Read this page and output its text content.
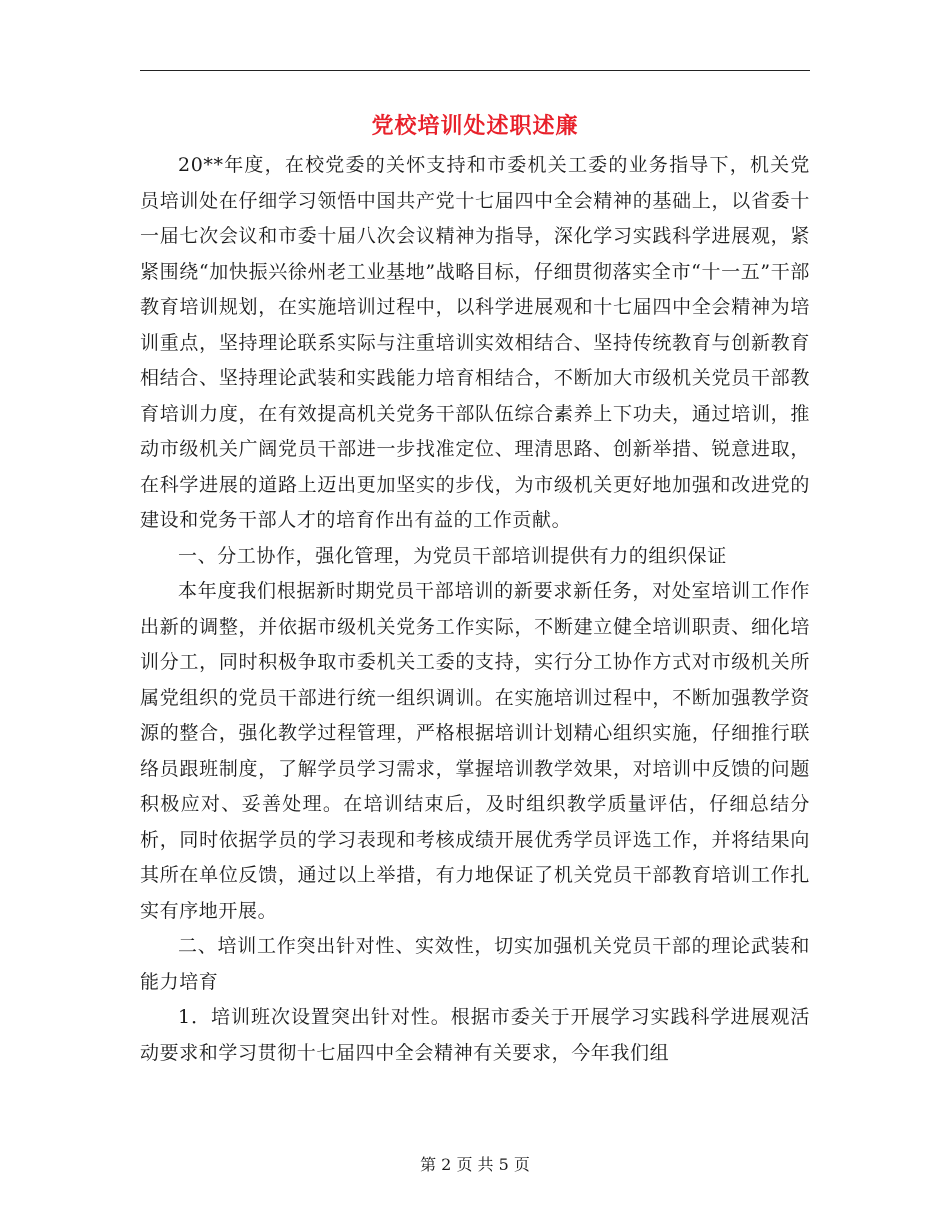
党校培训处述职述廉

20**年度，在校党委的关怀支持和市委机关工委的业务指导下，机关党员培训处在仔细学习领悟中国共产党十七届四中全会精神的基础上，以省委十一届七次会议和市委十届八次会议精神为指导，深化学习实践科学进展观，紧紧围绕“加快振兴徐州老工业基地”战略目标，仔细贯彻落实全市“十一五”干部教育培训规划，在实施培训过程中，以科学进展观和十七届四中全会精神为培训重点，坚持理论联系实际与注重培训实效相结合、坚持传统教育与创新教育相结合、坚持理论武装和实践能力培育相结合，不断加大市级机关党员干部教育培训力度，在有效提高机关党务干部队伍综合素养上下功夫，通过培训，推动市级机关广阔党员干部进一步找准定位、理清思路、创新举措、锐意进取，在科学进展的道路上迈出更加坚实的步伐，为市级机关更好地加强和改进党的建设和党务干部人才的培育作出有益的工作贡献。

一、分工协作，强化管理，为党员干部培训提供有力的组织保证

本年度我们根据新时期党员干部培训的新要求新任务，对处室培训工作作出新的调整，并依据市级机关党务工作实际，不断建立健全培训职责、细化培训分工，同时积极争取市委机关工委的支持，实行分工协作方式对市级机关所属党组织的党员干部进行统一组织调训。在实施培训过程中，不断加强教学资源的整合，强化教学过程管理，严格根据培训计划精心组织实施，仔细推行联络员跟班制度，了解学员学习需求，掌握培训教学效果，对培训中反馈的问题积极应对、妥善处理。在培训结束后，及时组织教学质量评估，仔细总结分析，同时依据学员的学习表现和考核成绩开展优秀学员评选工作，并将结果向其所在单位反馈，通过以上举措，有力地保证了机关党员干部教育培训工作扎实有序地开展。

二、培训工作突出针对性、实效性，切实加强机关党员干部的理论武装和能力培育

1．培训班次设置突出针对性。根据市委关于开展学习实践科学进展观活动要求和学习贯彻十七届四中全会精神有关要求，今年我们组

第 2 页 共 5 页
